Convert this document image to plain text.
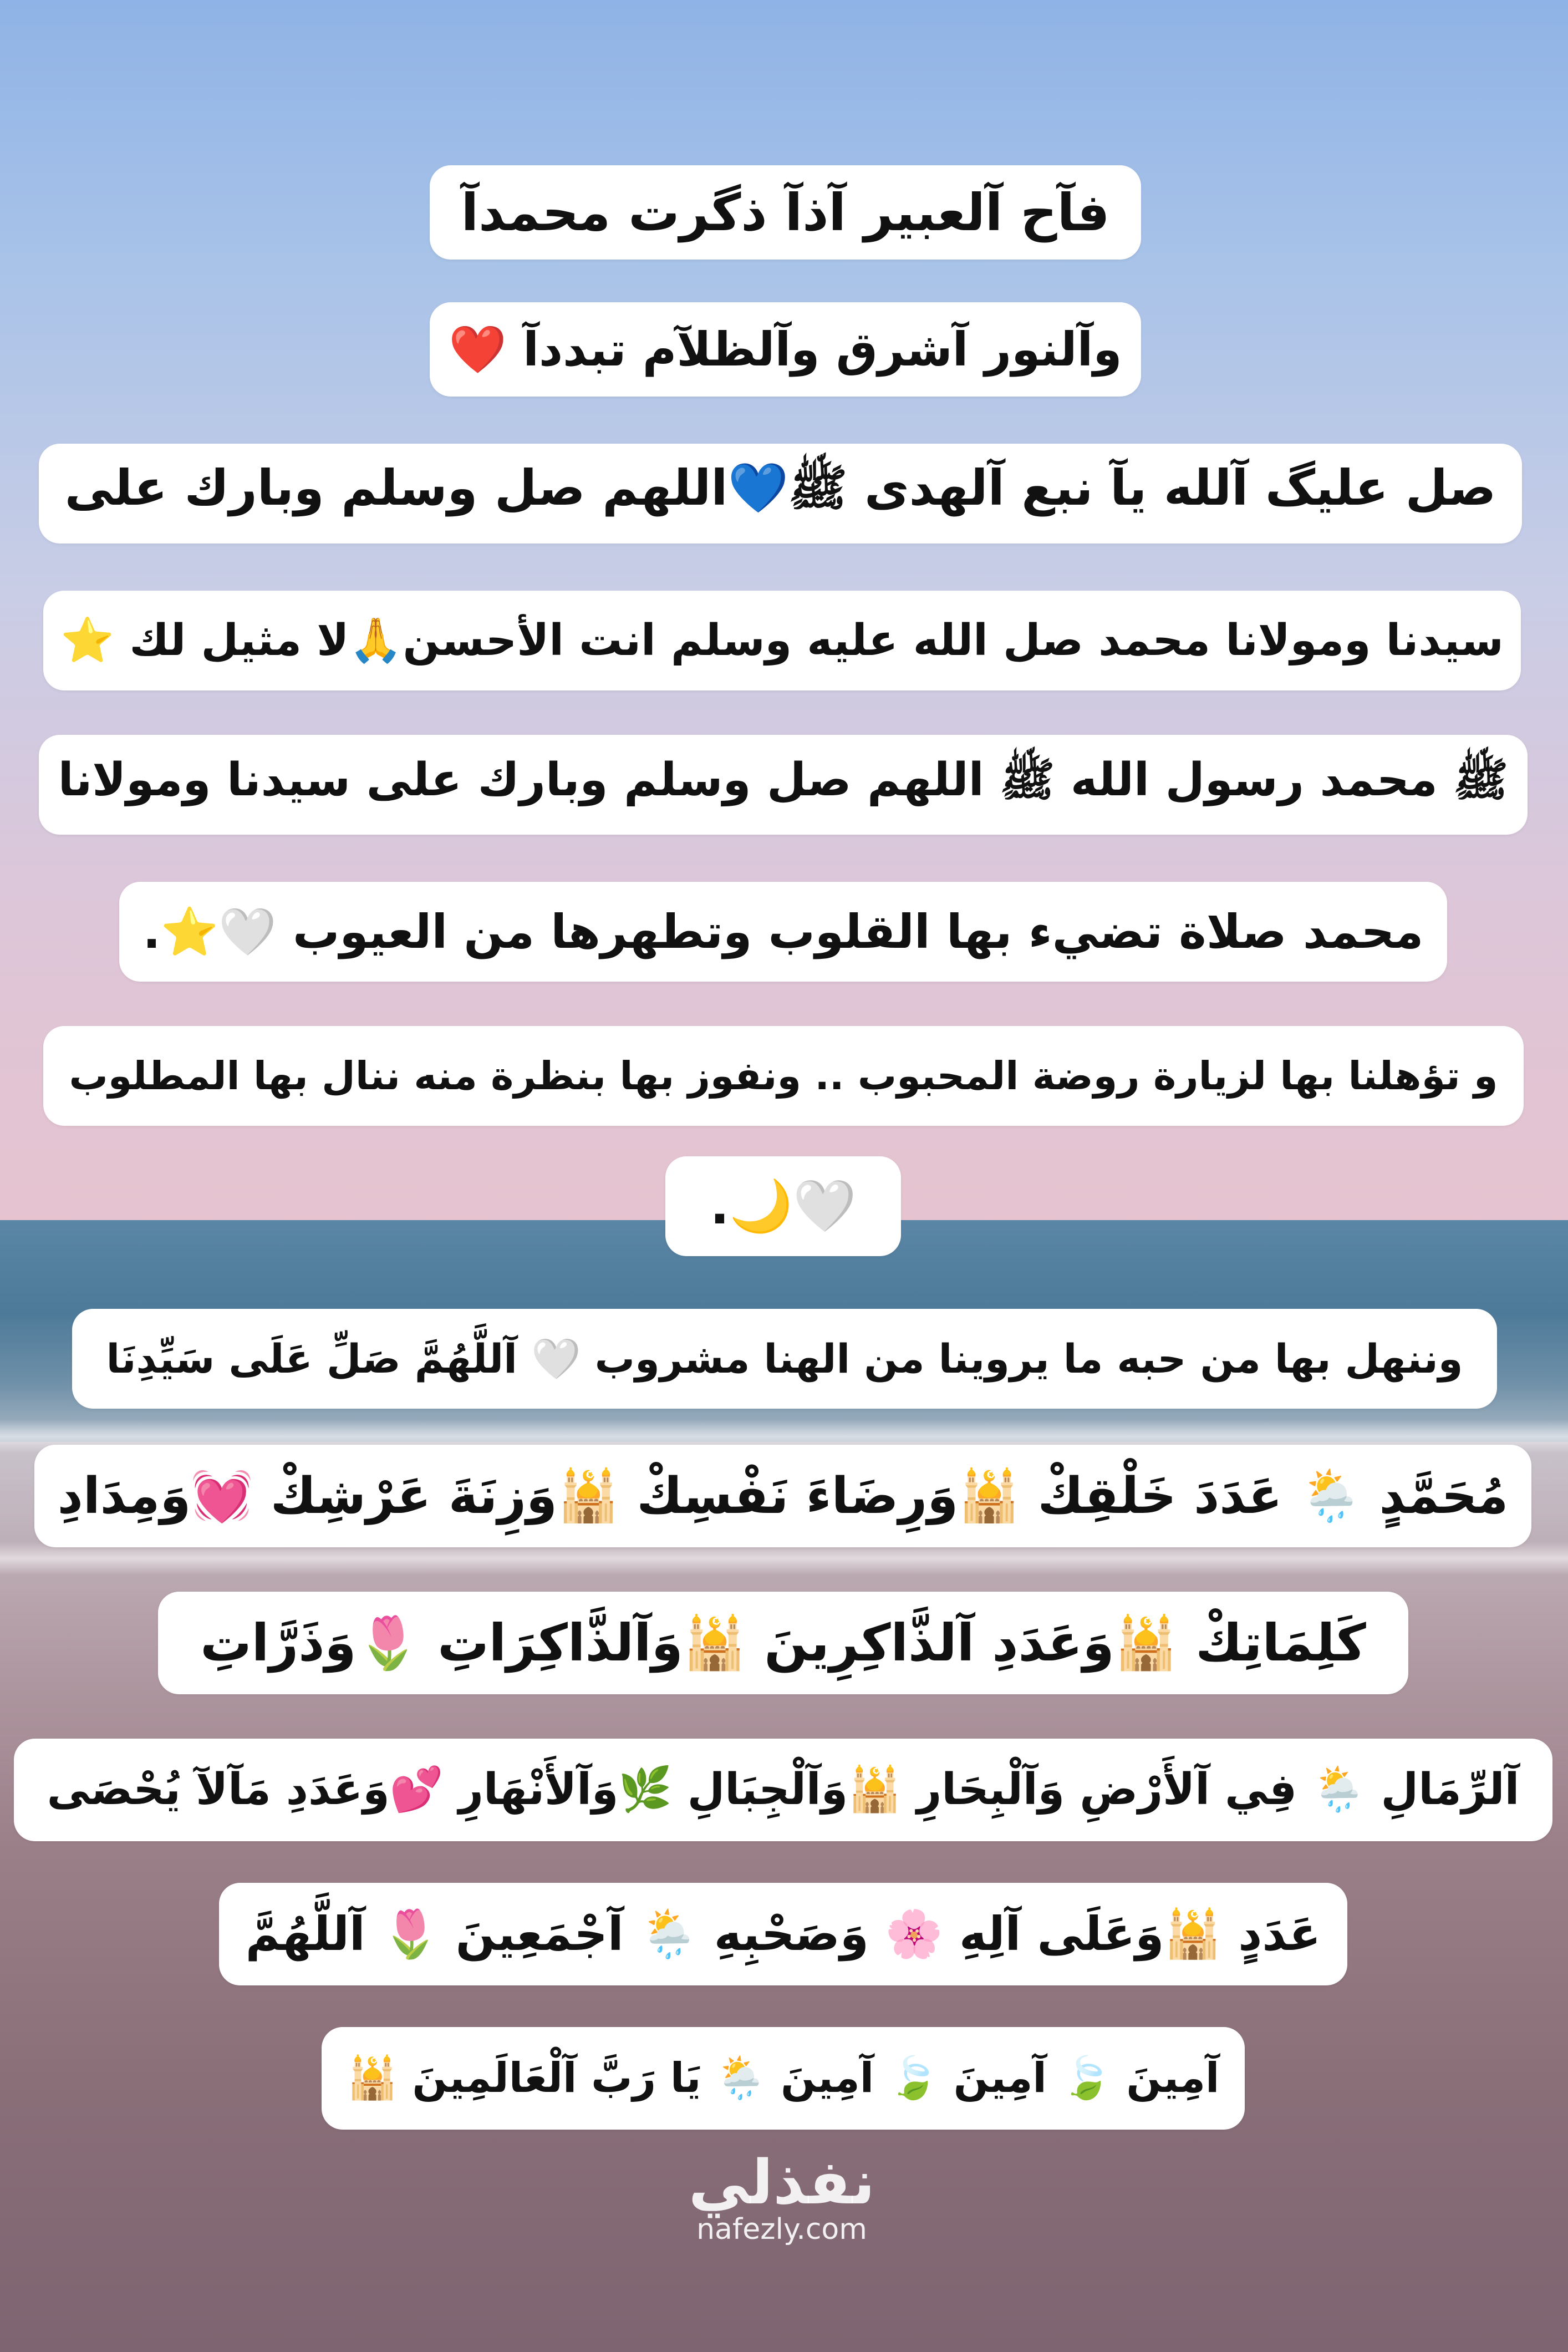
فآح آلعبير آذآ ذگرت محمدآ
وآلنور آشرق وآلظلآم تبددآ ❤️
صل عليگ آلله يآ نبع آلهدى ﷺ💙اللهم صل وسلم وبارك على
سيدنا ومولانا محمد صل الله عليه وسلم انت الأحسن🙏لا مثيل لك ⭐️
ﷺ محمد رسول الله ﷺ اللهم صل وسلم وبارك على سيدنا ومولانا
محمد صلاة تضيء بها القلوب وتطهرها من العيوب 🤍⭐️.
و تؤهلنا بها لزيارة روضة المحبوب .. ونفوز بها بنظرة منه ننال بها المطلوب
🤍🌙.
وننهل بها من حبه ما يروينا من الهنا مشروب 🤍 آللَّهُمَّ صَلِّ عَلَى سَيِّدِنَا
مُحَمَّدٍ 🌦️ عَدَدَ خَلْقِكْ 🕌وَرِضَاءَ نَفْسِكْ 🕌وَزِنَةَ عَرْشِكْ 💓وَمِدَادِ
كَلِمَاتِكْ 🕌وَعَدَدِ آلذَّاكِرِينَ 🕌وَآلذَّاكِرَاتِ 🌷وَذَرَّاتِ
آلرِّمَالِ 🌦️ فِي آلأَرْضِ وَآلْبِحَارِ 🕌وَآلْجِبَالِ 🌿وَآلأَنْهَارِ 💕وَعَدَدِ مَآلآ يُحْصَى
عَدَدٍ 🕌وَعَلَى آلِهِ 🌸 وَصَحْبِهِ 🌦️ آجْمَعِينَ 🌷 آللَّهُمَّ
آمِينَ 🍃 آمِينَ 🍃 آمِينَ 🌦️ يَا رَبَّ آلْعَالَمِينَ 🕌
نفذلي
nafezly.com
